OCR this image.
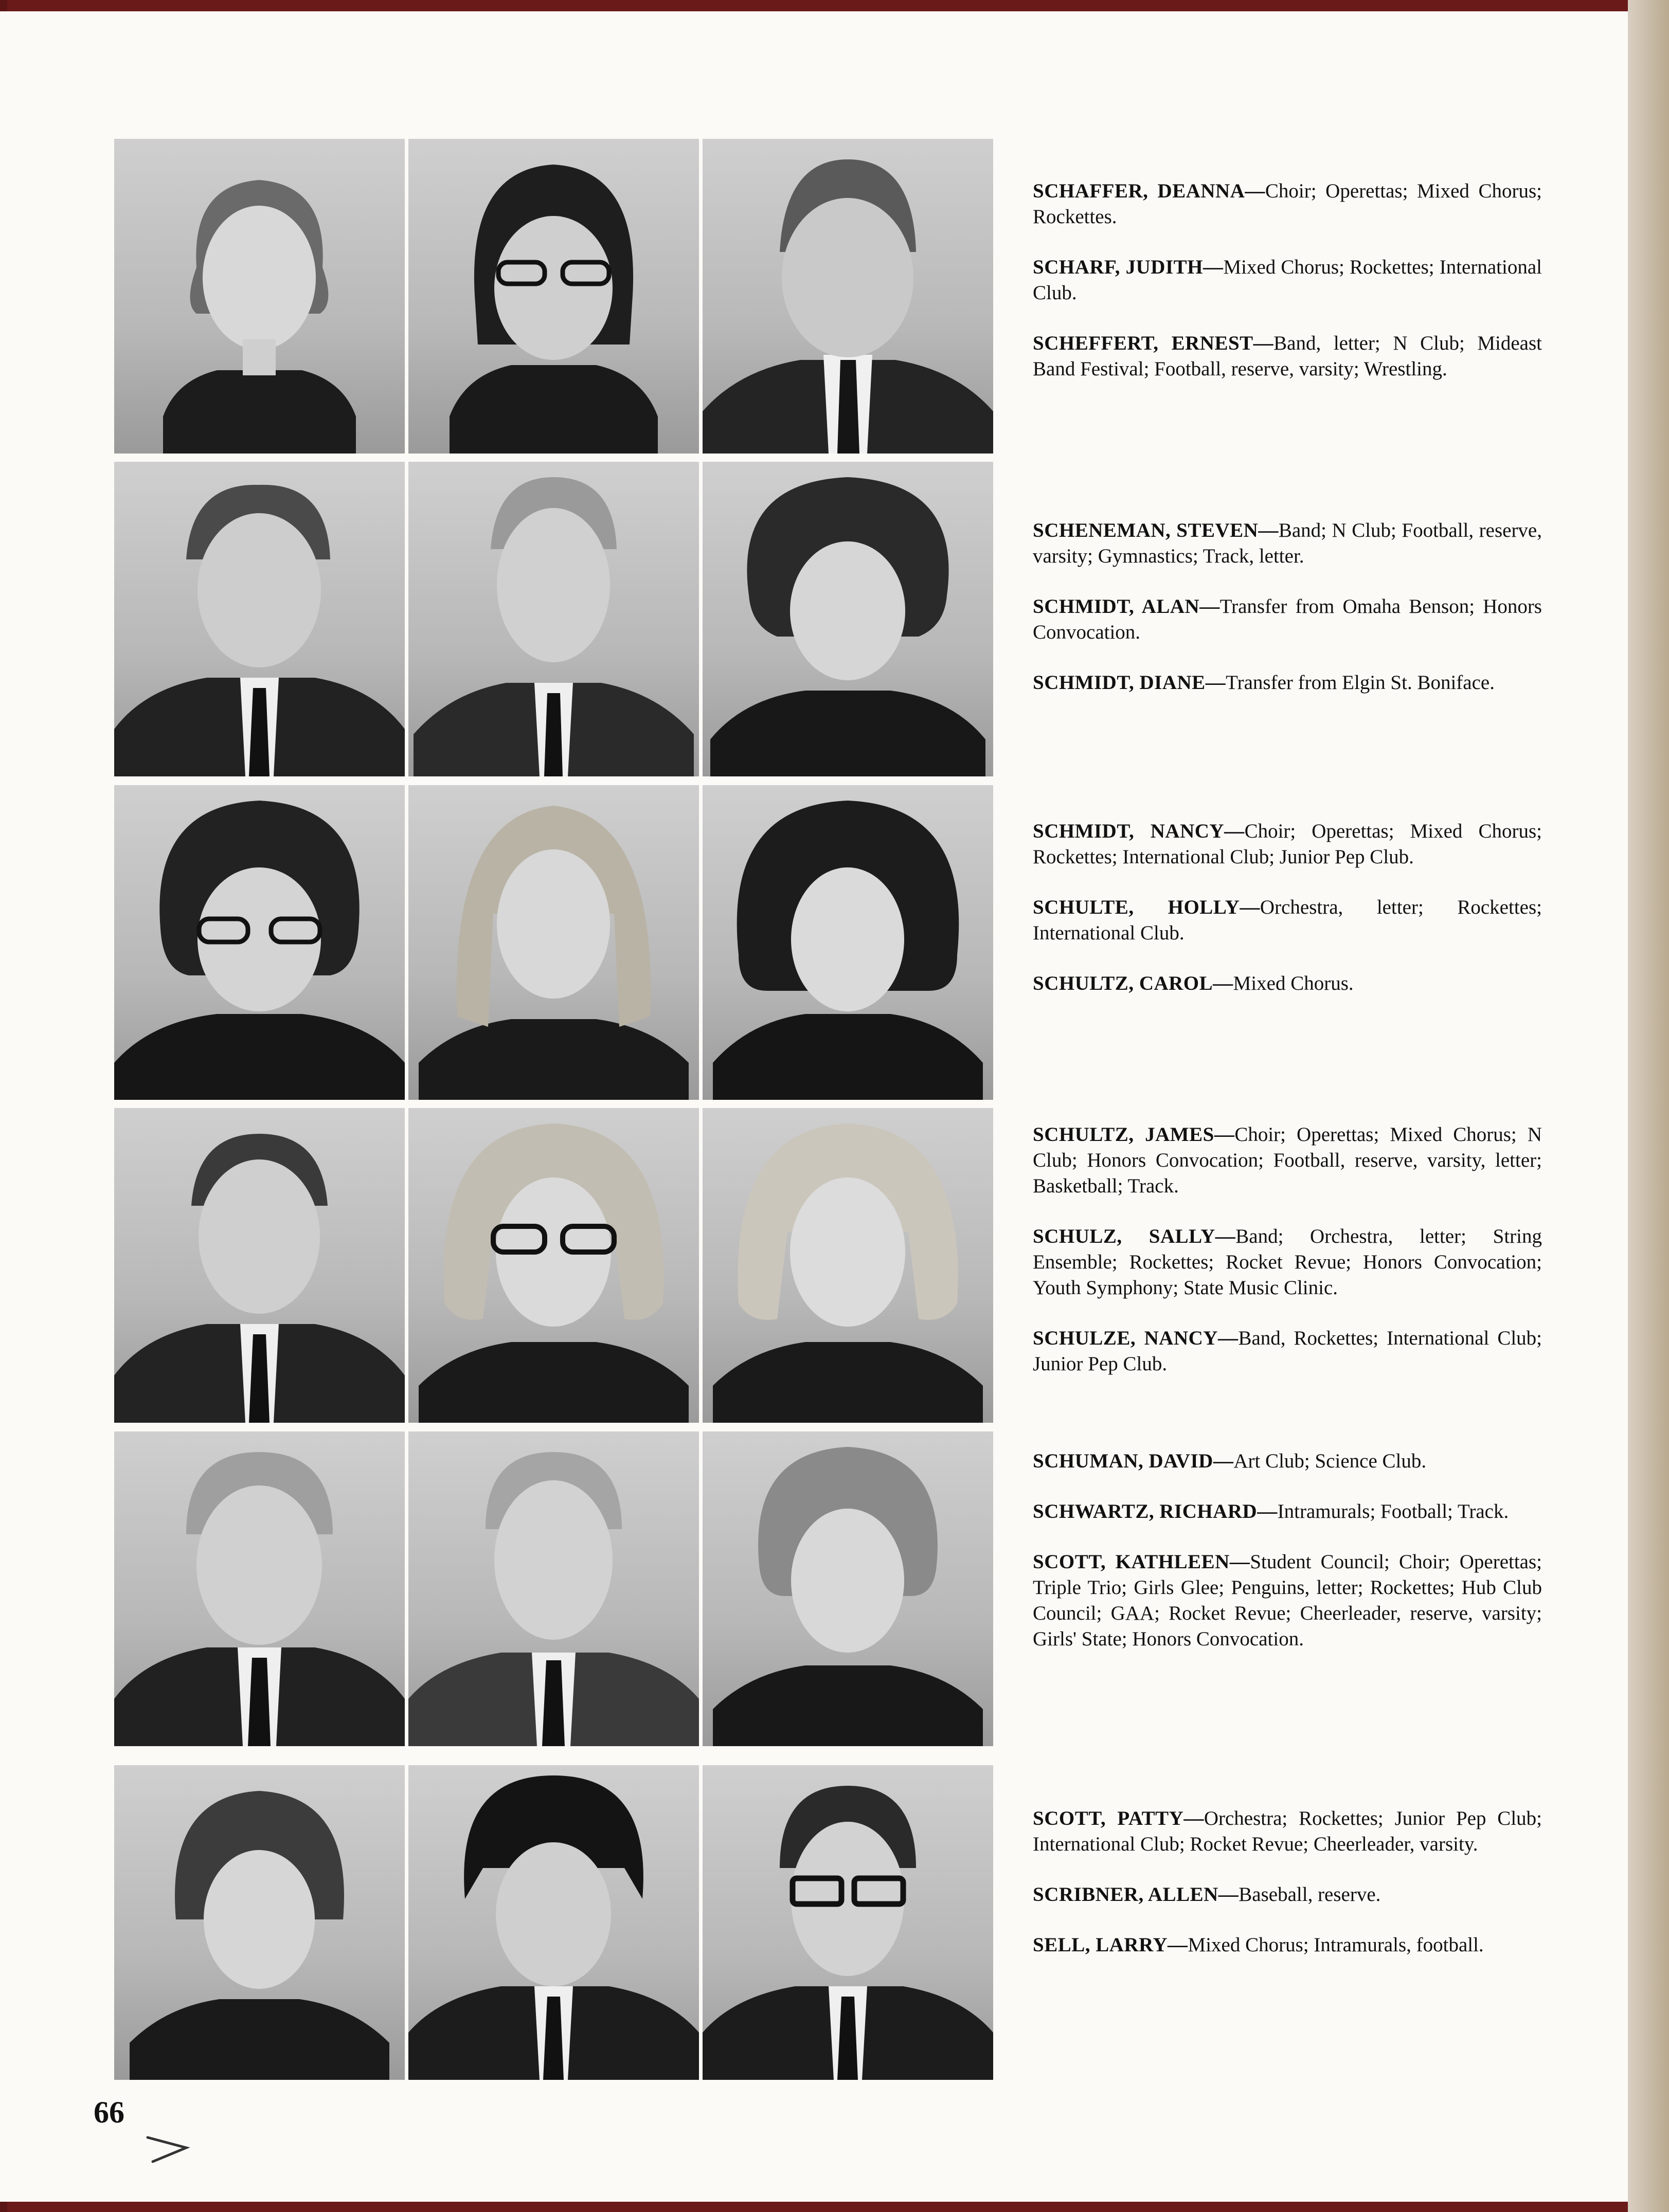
SCHAFFER, DEANNA—Choir; Operettas; Mixed Chorus; Rockettes.

SCHARF, JUDITH—Mixed Chorus; Rockettes; International Club.

SCHEFFERT, ERNEST—Band, letter; N Club; Mideast Band Festival; Football, reserve, varsity; Wrestling.

SCHENEMAN, STEVEN—Band; N Club; Football, reserve, varsity; Gymnastics; Track, letter.

SCHMIDT, ALAN—Transfer from Omaha Benson; Honors Convocation.

SCHMIDT, DIANE—Transfer from Elgin St. Boniface.

SCHMIDT, NANCY—Choir; Operettas; Mixed Chorus; Rockettes; International Club; Junior Pep Club.

SCHULTE, HOLLY—Orchestra, letter; Rockettes; International Club.

SCHULTZ, CAROL—Mixed Chorus.

SCHULTZ, JAMES—Choir; Operettas; Mixed Chorus; N Club; Honors Convocation; Football, reserve, varsity, letter; Basketball; Track.

SCHULZ, SALLY—Band; Orchestra, letter; String Ensemble; Rockettes; Rocket Revue; Honors Convocation; Youth Symphony; State Music Clinic.

SCHULZE, NANCY—Band, Rockettes; International Club; Junior Pep Club.

SCHUMAN, DAVID—Art Club; Science Club.

SCHWARTZ, RICHARD—Intramurals; Football; Track.

SCOTT, KATHLEEN—Student Council; Choir; Operettas; Triple Trio; Girls Glee; Penguins, letter; Rockettes; Hub Club Council; GAA; Rocket Revue; Cheerleader, reserve, varsity; Girls' State; Honors Convocation.

SCOTT, PATTY—Orchestra; Rockettes; Junior Pep Club; International Club; Rocket Revue; Cheerleader, varsity.

SCRIBNER, ALLEN—Baseball, reserve.

SELL, LARRY—Mixed Chorus; Intramurals, football.

66
